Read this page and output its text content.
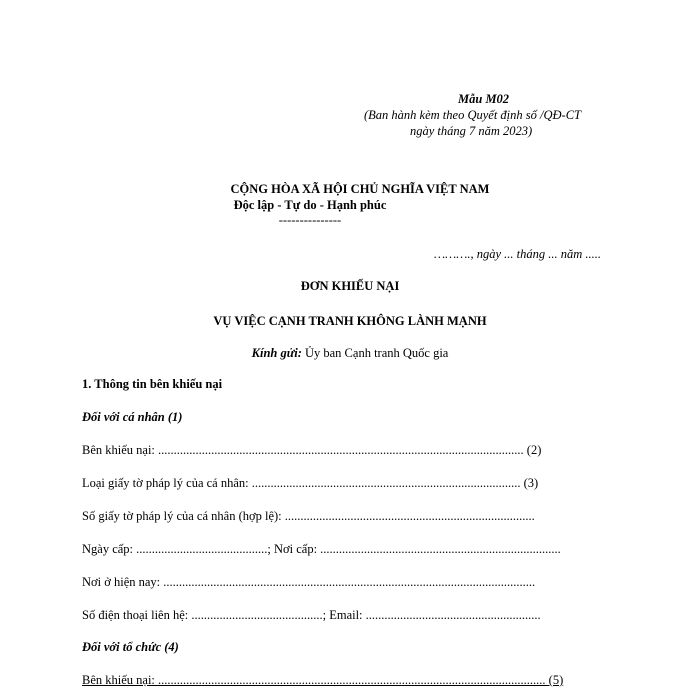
Mẫu M02
(Ban hành kèm theo Quyết định số /QĐ-CT
ngày tháng 7 năm 2023)
CỘNG HÒA XÃ HỘI CHỦ NGHĨA VIỆT NAM
Độc lập - Tự do - Hạnh phúc
---------------
………., ngày ... tháng ... năm .....
ĐƠN KHIẾU NẠI
VỤ VIỆC CẠNH TRANH KHÔNG LÀNH MẠNH
Kính gửi: Ủy ban Cạnh tranh Quốc gia
1. Thông tin bên khiếu nại
Đối với cá nhân (1)
Bên khiếu nại: ..................................................................................................................... (2)
Loại giấy tờ pháp lý của cá nhân: ...................................................................................... (3)
Số giấy tờ pháp lý của cá nhân (hợp lệ): ................................................................................
Ngày cấp: ..........................................; Nơi cấp: .............................................................................
Nơi ở hiện nay: .......................................................................................................................
Số điện thoại liên hệ: ..........................................; Email: ........................................................
Đối với tổ chức (4)
Bên khiếu nại: ............................................................................................................................ (5)
